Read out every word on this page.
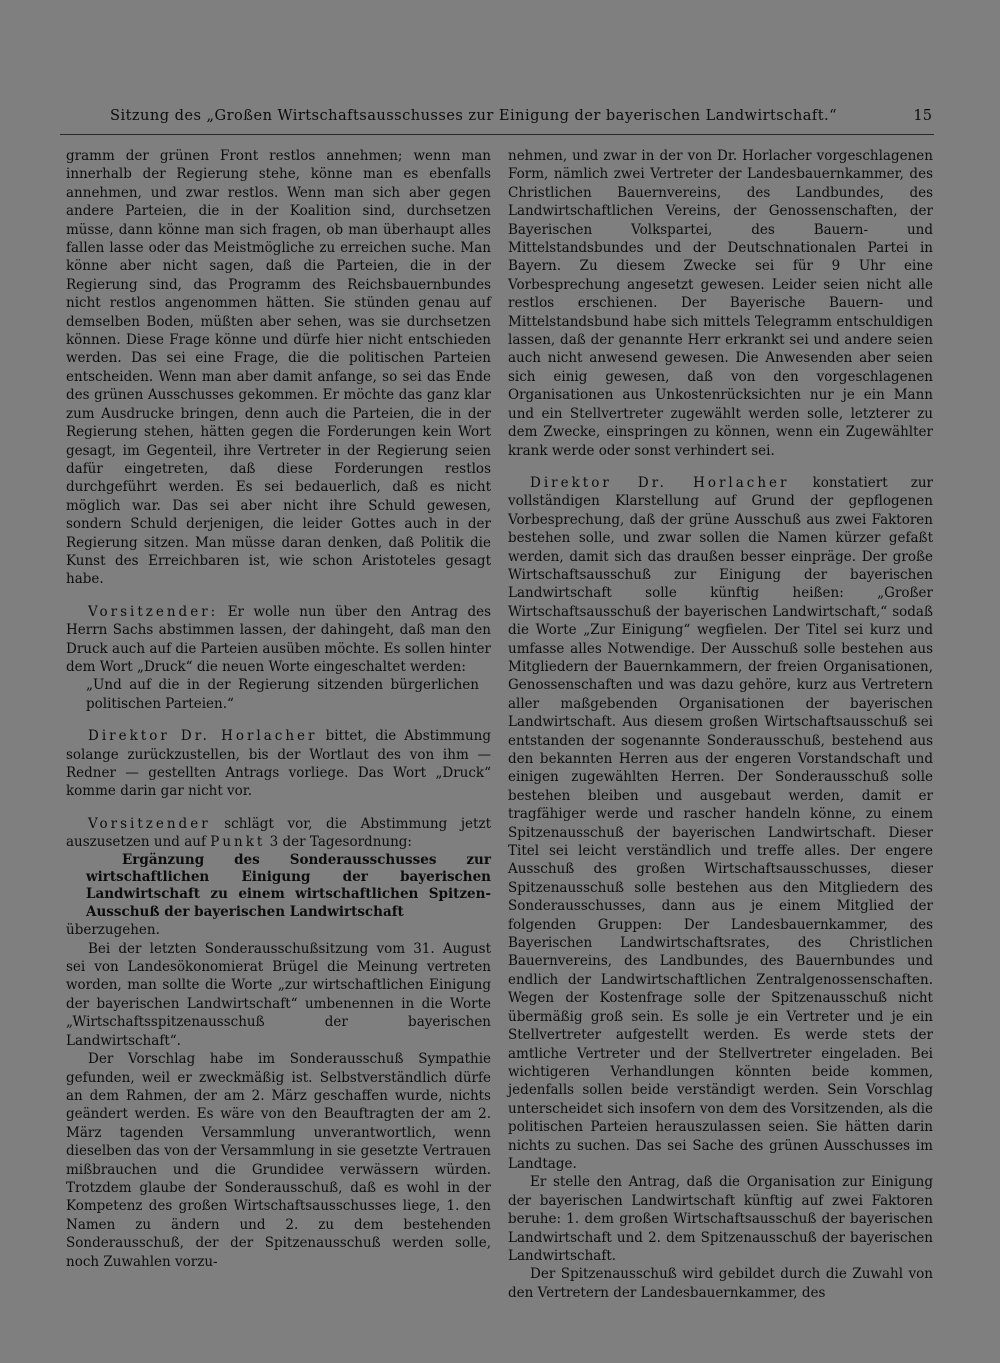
Sitzung des „Großen Wirtschaftsausschusses zur Einigung der bayerischen Landwirtschaft.“	15

gramm der grünen Front restlos annehmen; wenn man innerhalb der Regierung stehe, könne man es ebenfalls annehmen, und zwar restlos. Wenn man sich aber gegen andere Parteien, die in der Koalition sind, durchsetzen müsse, dann könne man sich fragen, ob man überhaupt alles fallen lasse oder das Meistmögliche zu erreichen suche. Man könne aber nicht sagen, daß die Parteien, die in der Regierung sind, das Programm des Reichsbauernbundes nicht restlos angenommen hätten. Sie stünden genau auf demselben Boden, müßten aber sehen, was sie durchsetzen können. Diese Frage könne und dürfe hier nicht entschieden werden. Das sei eine Frage, die die politischen Parteien entscheiden. Wenn man aber damit anfange, so sei das Ende des grünen Ausschusses gekommen. Er möchte das ganz klar zum Ausdrucke bringen, denn auch die Parteien, die in der Regierung stehen, hätten gegen die Forderungen kein Wort gesagt, im Gegenteil, ihre Vertreter in der Regierung seien dafür eingetreten, daß diese Forderungen restlos durchgeführt werden. Es sei bedauerlich, daß es nicht möglich war. Das sei aber nicht ihre Schuld gewesen, sondern Schuld derjenigen, die leider Gottes auch in der Regierung sitzen. Man müsse daran denken, daß Politik die Kunst des Erreichbaren ist, wie schon Aristoteles gesagt habe.

Vorsitzender: Er wolle nun über den Antrag des Herrn Sachs abstimmen lassen, der dahingeht, daß man den Druck auch auf die Parteien ausüben möchte. Es sollen hinter dem Wort „Druck“ die neuen Worte eingeschaltet werden:

„Und auf die in der Regierung sitzenden bürgerlichen politischen Parteien.“

Direktor Dr. Horlacher bittet, die Abstimmung solange zurückzustellen, bis der Wortlaut des von ihm — Redner — gestellten Antrags vorliege. Das Wort „Druck“ komme darin gar nicht vor.

Vorsitzender schlägt vor, die Abstimmung jetzt auszusetzen und auf Punkt 3 der Tagesordnung:

Ergänzung des Sonderausschusses zur wirtschaftlichen Einigung der bayerischen Landwirtschaft zu einem wirtschaftlichen Spitzen-Ausschuß der bayerischen Landwirtschaft

überzugehen.

Bei der letzten Sonderausschußsitzung vom 31. August sei von Landesökonomierat Brügel die Meinung vertreten worden, man sollte die Worte „zur wirtschaftlichen Einigung der bayerischen Landwirtschaft“ umbenennen in die Worte „Wirtschaftsspitzenausschuß der bayerischen Landwirtschaft“.

Der Vorschlag habe im Sonderausschuß Sympathie gefunden, weil er zweckmäßig ist. Selbstverständlich dürfe an dem Rahmen, der am 2. März geschaffen wurde, nichts geändert werden. Es wäre von den Beauftragten der am 2. März tagenden Versammlung unverantwortlich, wenn dieselben das von der Versammlung in sie gesetzte Vertrauen mißbrauchen und die Grundidee verwässern würden. Trotzdem glaube der Sonderausschuß, daß es wohl in der Kompetenz des großen Wirtschaftsausschusses liege, 1. den Namen zu ändern und 2. zu dem bestehenden Sonderausschuß, der der Spitzenausschuß werden solle, noch Zuwahlen vorzu-

nehmen, und zwar in der von Dr. Horlacher vorgeschlagenen Form, nämlich zwei Vertreter der Landesbauernkammer, des Christlichen Bauernvereins, des Landbundes, des Landwirtschaftlichen Vereins, der Genossenschaften, der Bayerischen Volkspartei, des Bauern- und Mittelstandsbundes und der Deutschnationalen Partei in Bayern. Zu diesem Zwecke sei für 9 Uhr eine Vorbesprechung angesetzt gewesen. Leider seien nicht alle restlos erschienen. Der Bayerische Bauern- und Mittelstandsbund habe sich mittels Telegramm entschuldigen lassen, daß der genannte Herr erkrankt sei und andere seien auch nicht anwesend gewesen. Die Anwesenden aber seien sich einig gewesen, daß von den vorgeschlagenen Organisationen aus Unkostenrücksichten nur je ein Mann und ein Stellvertreter zugewählt werden solle, letzterer zu dem Zwecke, einspringen zu können, wenn ein Zugewählter krank werde oder sonst verhindert sei.

Direktor Dr. Horlacher konstatiert zur vollständigen Klarstellung auf Grund der gepflogenen Vorbesprechung, daß der grüne Ausschuß aus zwei Faktoren bestehen solle, und zwar sollen die Namen kürzer gefaßt werden, damit sich das draußen besser einpräge. Der große Wirtschaftsausschuß zur Einigung der bayerischen Landwirtschaft solle künftig heißen: „Großer Wirtschaftsausschuß der bayerischen Landwirtschaft,“ sodaß die Worte „Zur Einigung“ wegfielen. Der Titel sei kurz und umfasse alles Notwendige. Der Ausschuß solle bestehen aus Mitgliedern der Bauernkammern, der freien Organisationen, Genossenschaften und was dazu gehöre, kurz aus Vertretern aller maßgebenden Organisationen der bayerischen Landwirtschaft. Aus diesem großen Wirtschaftsausschuß sei entstanden der sogenannte Sonderausschuß, bestehend aus den bekannten Herren aus der engeren Vorstandschaft und einigen zugewählten Herren. Der Sonderausschuß solle bestehen bleiben und ausgebaut werden, damit er tragfähiger werde und rascher handeln könne, zu einem Spitzenausschuß der bayerischen Landwirtschaft. Dieser Titel sei leicht verständlich und treffe alles. Der engere Ausschuß des großen Wirtschaftsausschusses, dieser Spitzenausschuß solle bestehen aus den Mitgliedern des Sonderausschusses, dann aus je einem Mitglied der folgenden Gruppen: Der Landesbauernkammer, des Bayerischen Landwirtschaftsrates, des Christlichen Bauernvereins, des Landbundes, des Bauernbundes und endlich der Landwirtschaftlichen Zentralgenossenschaften. Wegen der Kostenfrage solle der Spitzenausschuß nicht übermäßig groß sein. Es solle je ein Vertreter und je ein Stellvertreter aufgestellt werden. Es werde stets der amtliche Vertreter und der Stellvertreter eingeladen. Bei wichtigeren Verhandlungen könnten beide kommen, jedenfalls sollen beide verständigt werden. Sein Vorschlag unterscheidet sich insofern von dem des Vorsitzenden, als die politischen Parteien herauszulassen seien. Sie hätten darin nichts zu suchen. Das sei Sache des grünen Ausschusses im Landtage.

Er stelle den Antrag, daß die Organisation zur Einigung der bayerischen Landwirtschaft künftig auf zwei Faktoren beruhe: 1. dem großen Wirtschaftsausschuß der bayerischen Landwirtschaft und 2. dem Spitzenausschuß der bayerischen Landwirtschaft.

Der Spitzenausschuß wird gebildet durch die Zuwahl von den Vertretern der Landesbauernkammer, des
